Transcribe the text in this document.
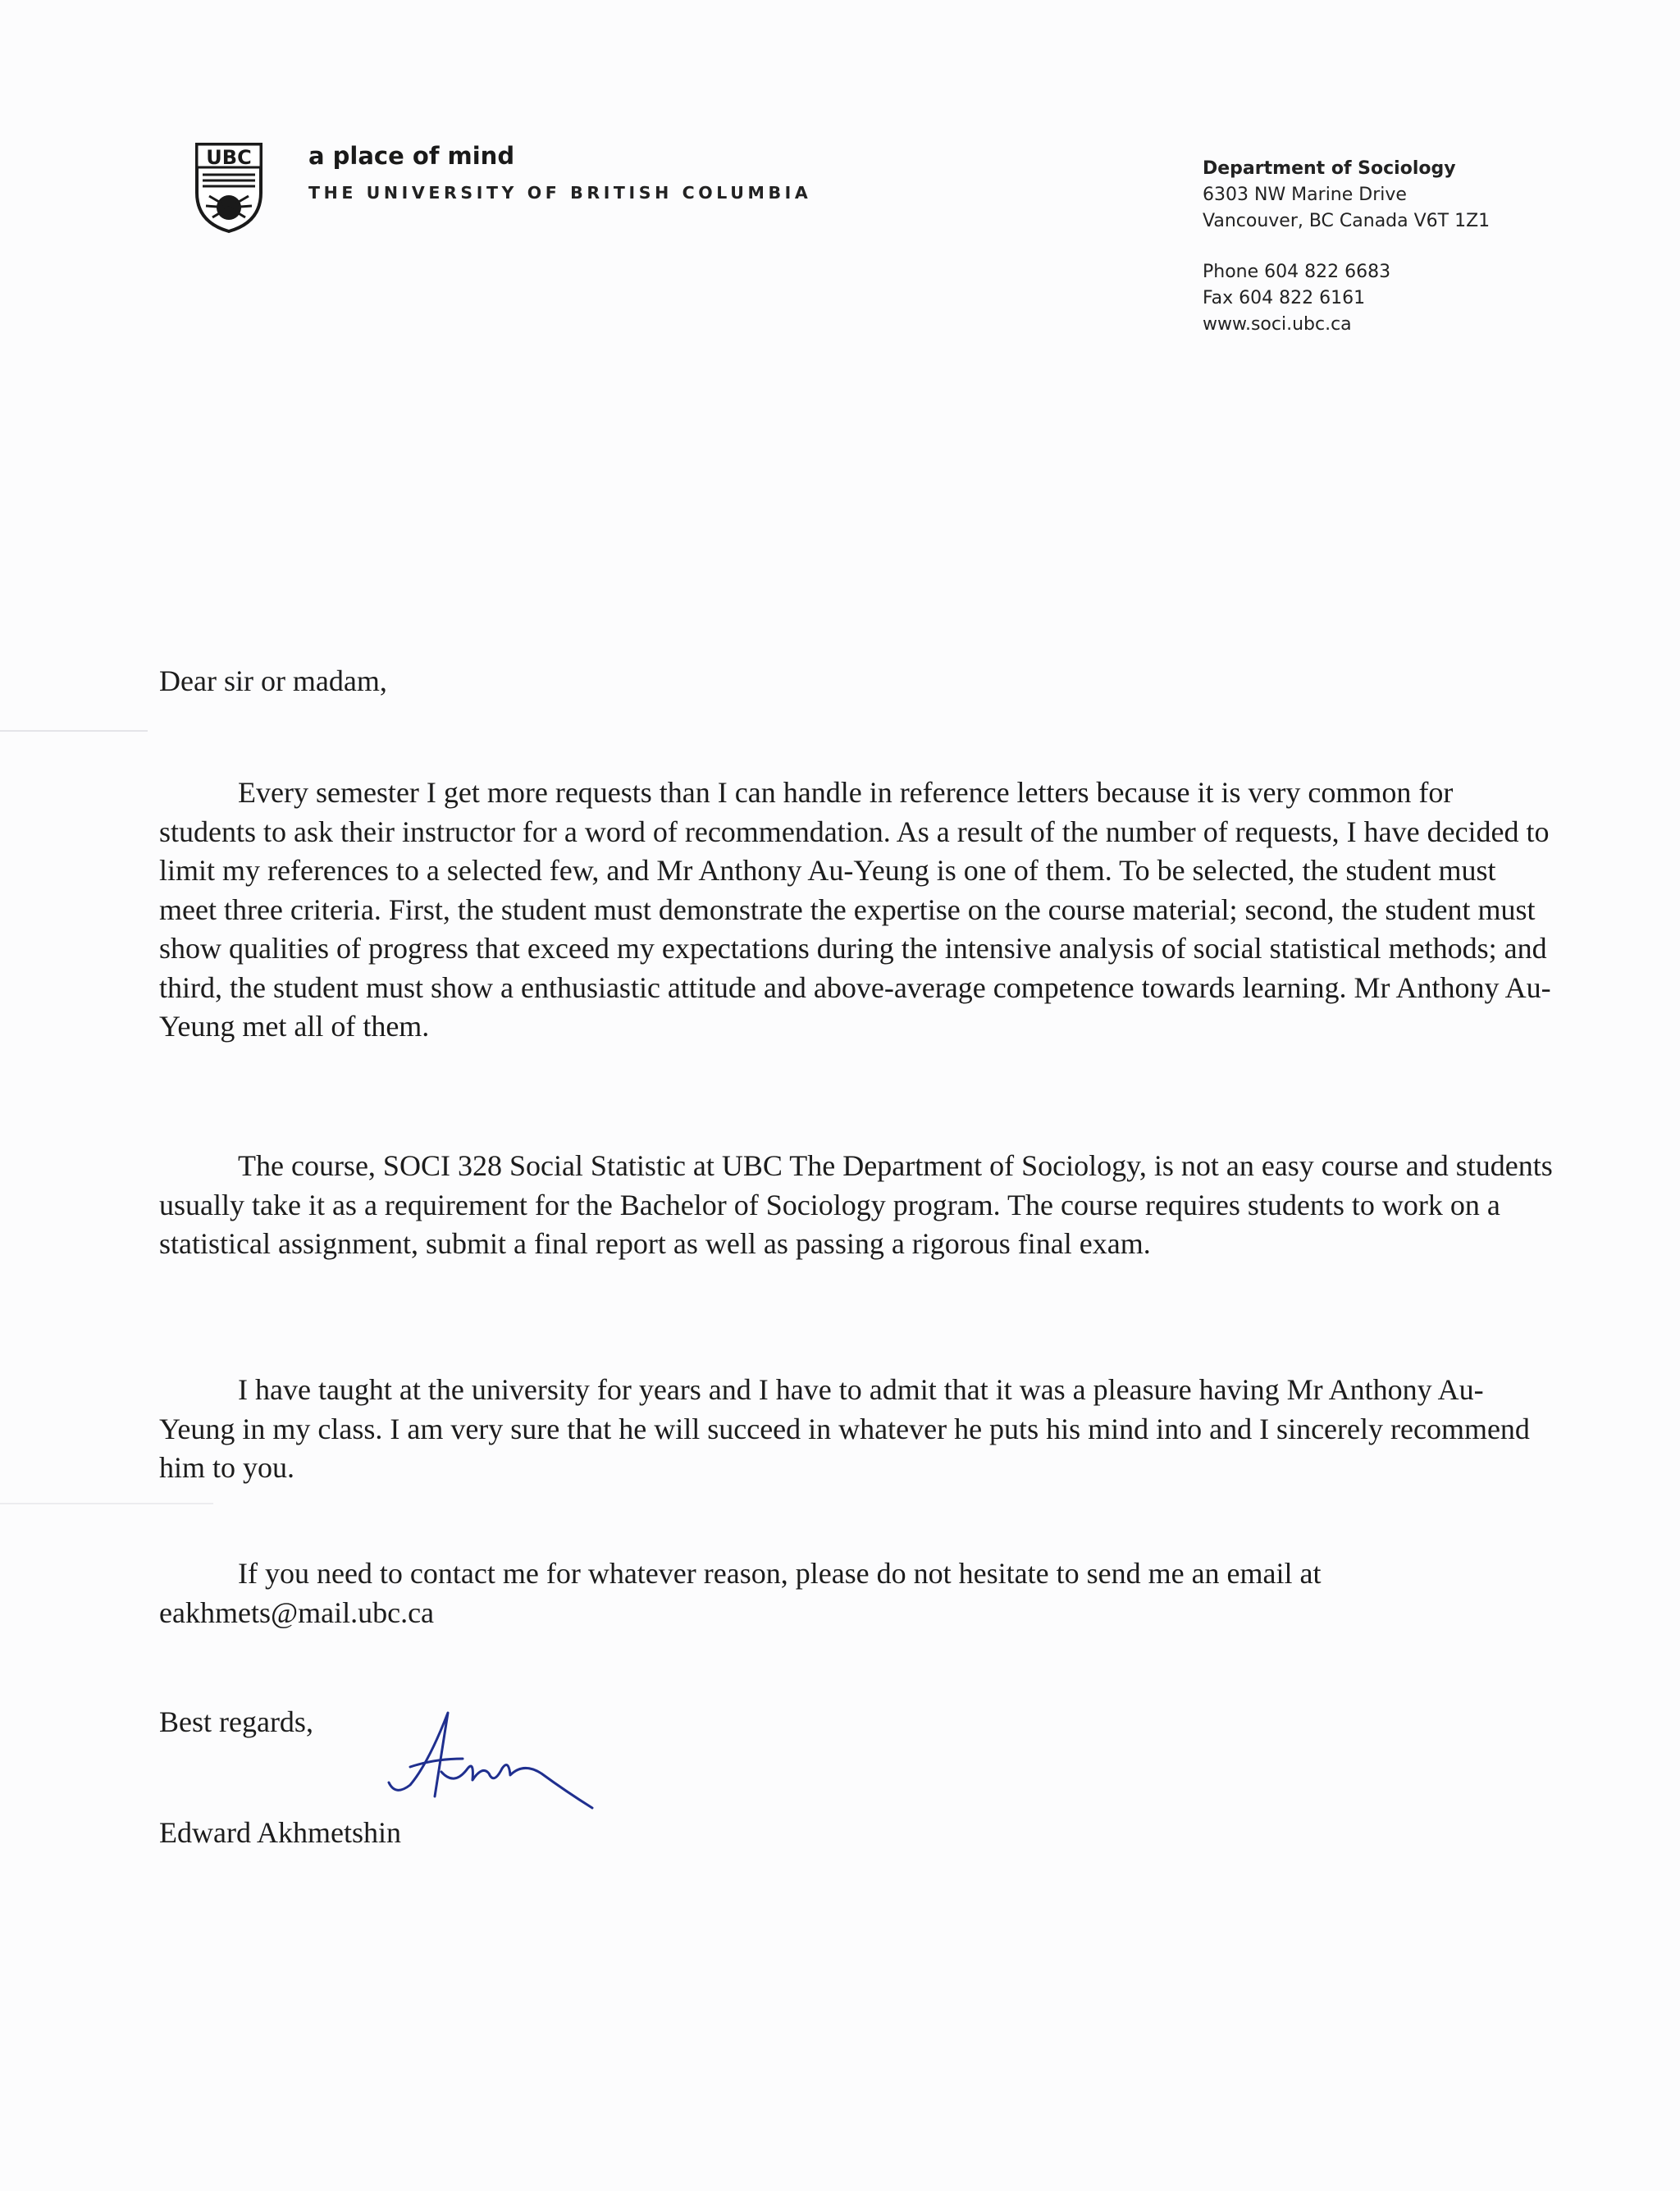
UBC a place of mind
THE UNIVERSITY OF BRITISH COLUMBIA
Department of Sociology
6303 NW Marine Drive
Vancouver, BC Canada V6T 1Z1
Phone 604 822 6683
Fax 604 822 6161
www.soci.ubc.ca
Dear sir or madam,
Every semester I get more requests than I can handle in reference letters because it is very common for students to ask their instructor for a word of recommendation. As a result of the number of requests, I have decided to limit my references to a selected few, and Mr Anthony Au-Yeung is one of them. To be selected, the student must meet three criteria. First, the student must demonstrate the expertise on the course material; second, the student must show qualities of progress that exceed my expectations during the intensive analysis of social statistical methods; and third, the student must show a enthusiastic attitude and above-average competence towards learning. Mr Anthony Au-Yeung met all of them.
The course, SOCI 328 Social Statistic at UBC The Department of Sociology, is not an easy course and students usually take it as a requirement for the Bachelor of Sociology program. The course requires students to work on a statistical assignment, submit a final report as well as passing a rigorous final exam.
I have taught at the university for years and I have to admit that it was a pleasure having Mr Anthony Au-Yeung in my class. I am very sure that he will succeed in whatever he puts his mind into and I sincerely recommend him to you.
If you need to contact me for whatever reason, please do not hesitate to send me an email at eakhmets@mail.ubc.ca
Best regards,
Edward Akhmetshin
